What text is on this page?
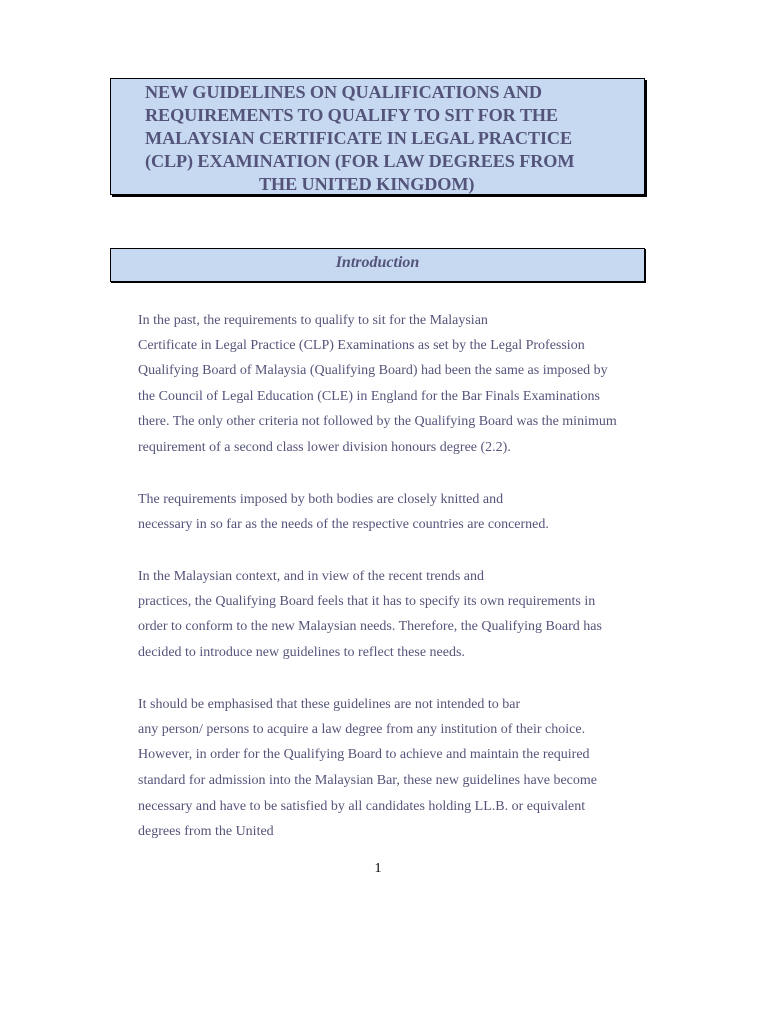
NEW GUIDELINES ON QUALIFICATIONS AND
REQUIREMENTS TO QUALIFY TO SIT FOR THE
MALAYSIAN CERTIFICATE IN LEGAL PRACTICE
(CLP) EXAMINATION (FOR LAW DEGREES FROM
THE UNITED KINGDOM)
Introduction
In the past, the requirements to qualify to sit for the Malaysian
Certificate in Legal Practice (CLP) Examinations as set by the Legal Profession
Qualifying Board of Malaysia (Qualifying Board) had been the same as imposed by
the Council of Legal Education (CLE) in England for the Bar Finals Examinations
there. The only other criteria not followed by the Qualifying Board was the minimum
requirement of a second class lower division honours degree (2.2).
The requirements imposed by both bodies are closely knitted and
necessary in so far as the needs of the respective countries are concerned.
In the Malaysian context, and in view of the recent trends and
practices, the Qualifying Board feels that it has to specify its own requirements in
order to conform to the new Malaysian needs. Therefore, the Qualifying Board has
decided to introduce new guidelines to reflect these needs.
It should be emphasised that these guidelines are not intended to bar
any person/ persons to acquire a law degree from any institution of their choice.
However, in order for the Qualifying Board to achieve and maintain the required
standard for admission into the Malaysian Bar, these new guidelines have become
necessary and have to be satisfied by all candidates holding LL.B. or equivalent
degrees from the United
1
